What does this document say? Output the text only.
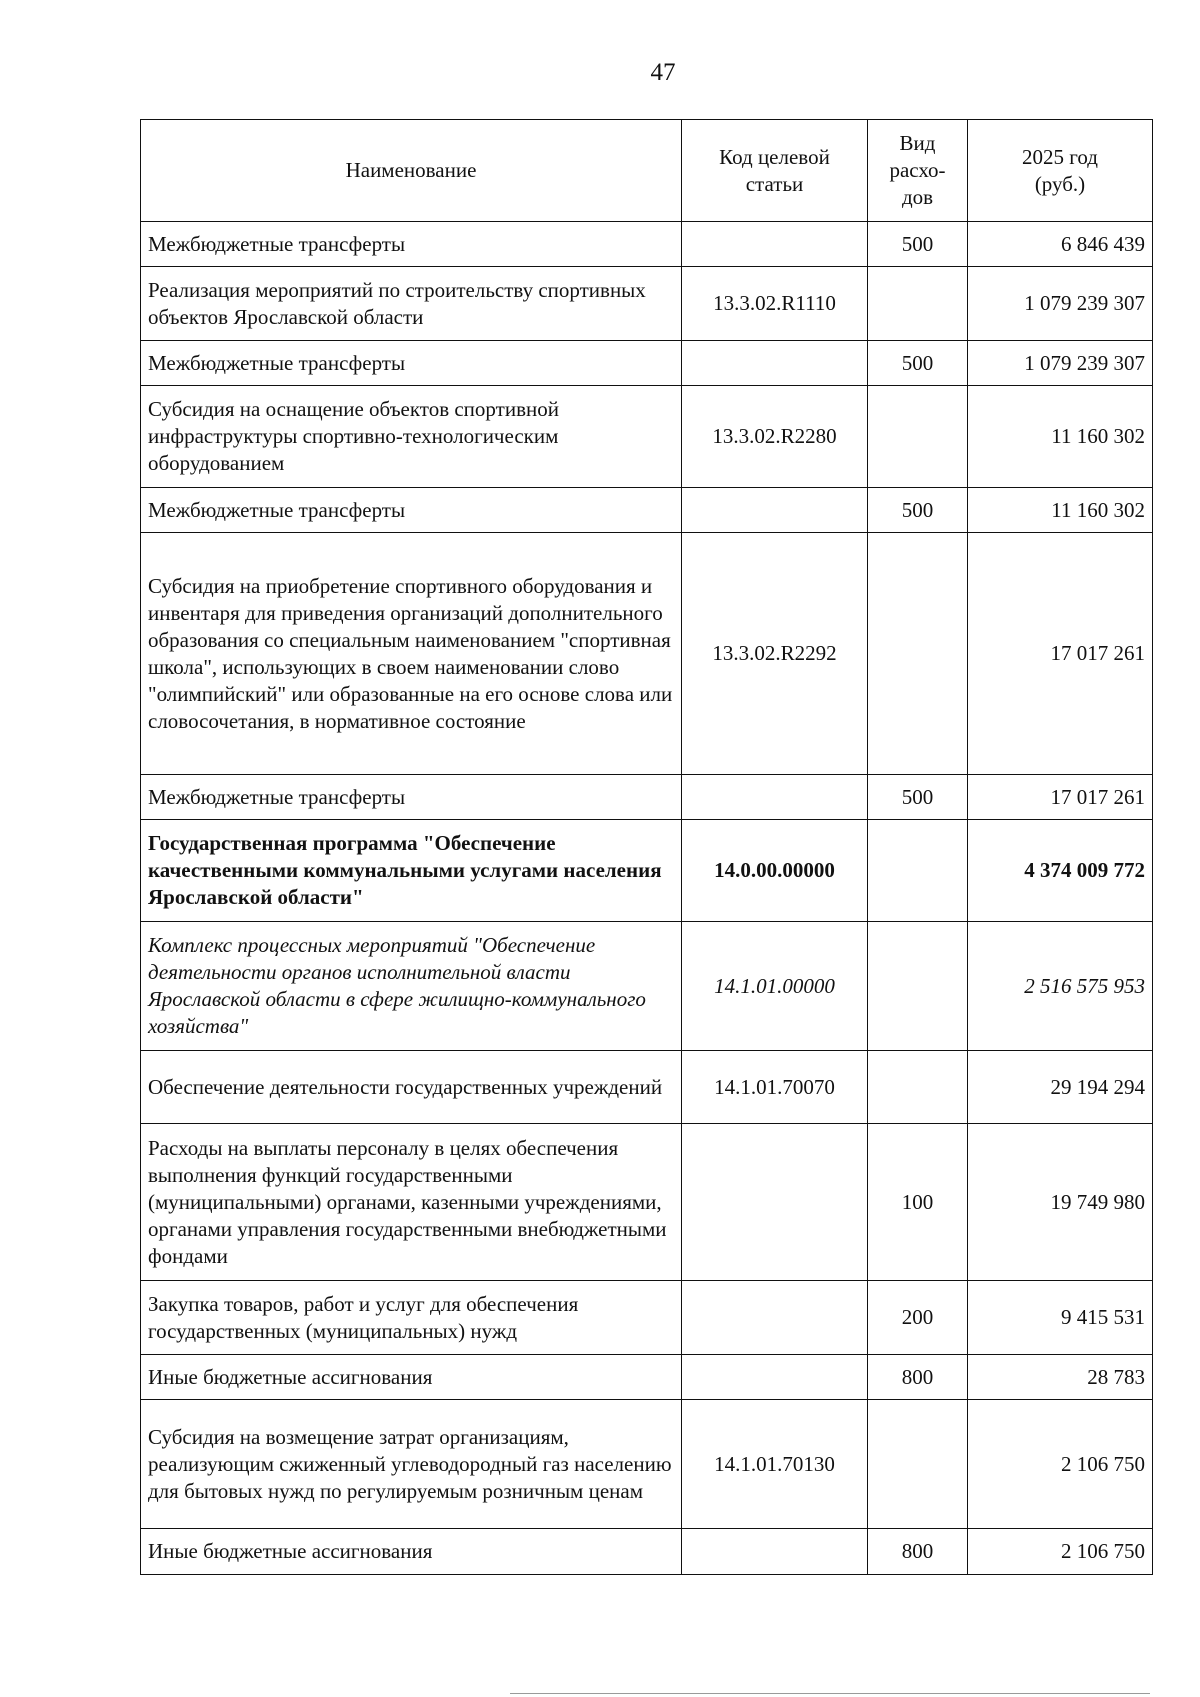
47
Наименование	Код целевой статьи	Вид расхо-дов	2025 год (руб.)
Межбюджетные трансферты		500	6 846 439
Реализация мероприятий по строительству спортивных объектов Ярославской области	13.3.02.R1110		1 079 239 307
Межбюджетные трансферты		500	1 079 239 307
Субсидия на оснащение объектов спортивной инфраструктуры спортивно-технологическим оборудованием	13.3.02.R2280		11 160 302
Межбюджетные трансферты		500	11 160 302
Субсидия на приобретение спортивного оборудования и инвентаря для приведения организаций дополнительного образования со специальным наименованием "спортивная школа", использующих в своем наименовании слово "олимпийский" или образованные на его основе слова или словосочетания, в нормативное состояние	13.3.02.R2292		17 017 261
Межбюджетные трансферты		500	17 017 261
Государственная программа "Обеспечение качественными коммунальными услугами населения Ярославской области"	14.0.00.00000		4 374 009 772
Комплекс процессных мероприятий "Обеспечение деятельности органов исполнительной власти Ярославской области в сфере жилищно-коммунального хозяйства"	14.1.01.00000		2 516 575 953
Обеспечение деятельности государственных учреждений	14.1.01.70070		29 194 294
Расходы на выплаты персоналу в целях обеспечения выполнения функций государственными (муниципальными) органами, казенными учреждениями, органами управления государственными внебюджетными фондами		100	19 749 980
Закупка товаров, работ и услуг для обеспечения государственных (муниципальных) нужд		200	9 415 531
Иные бюджетные ассигнования		800	28 783
Субсидия на возмещение затрат организациям, реализующим сжиженный углеводородный газ населению для бытовых нужд по регулируемым розничным ценам	14.1.01.70130		2 106 750
Иные бюджетные ассигнования		800	2 106 750
